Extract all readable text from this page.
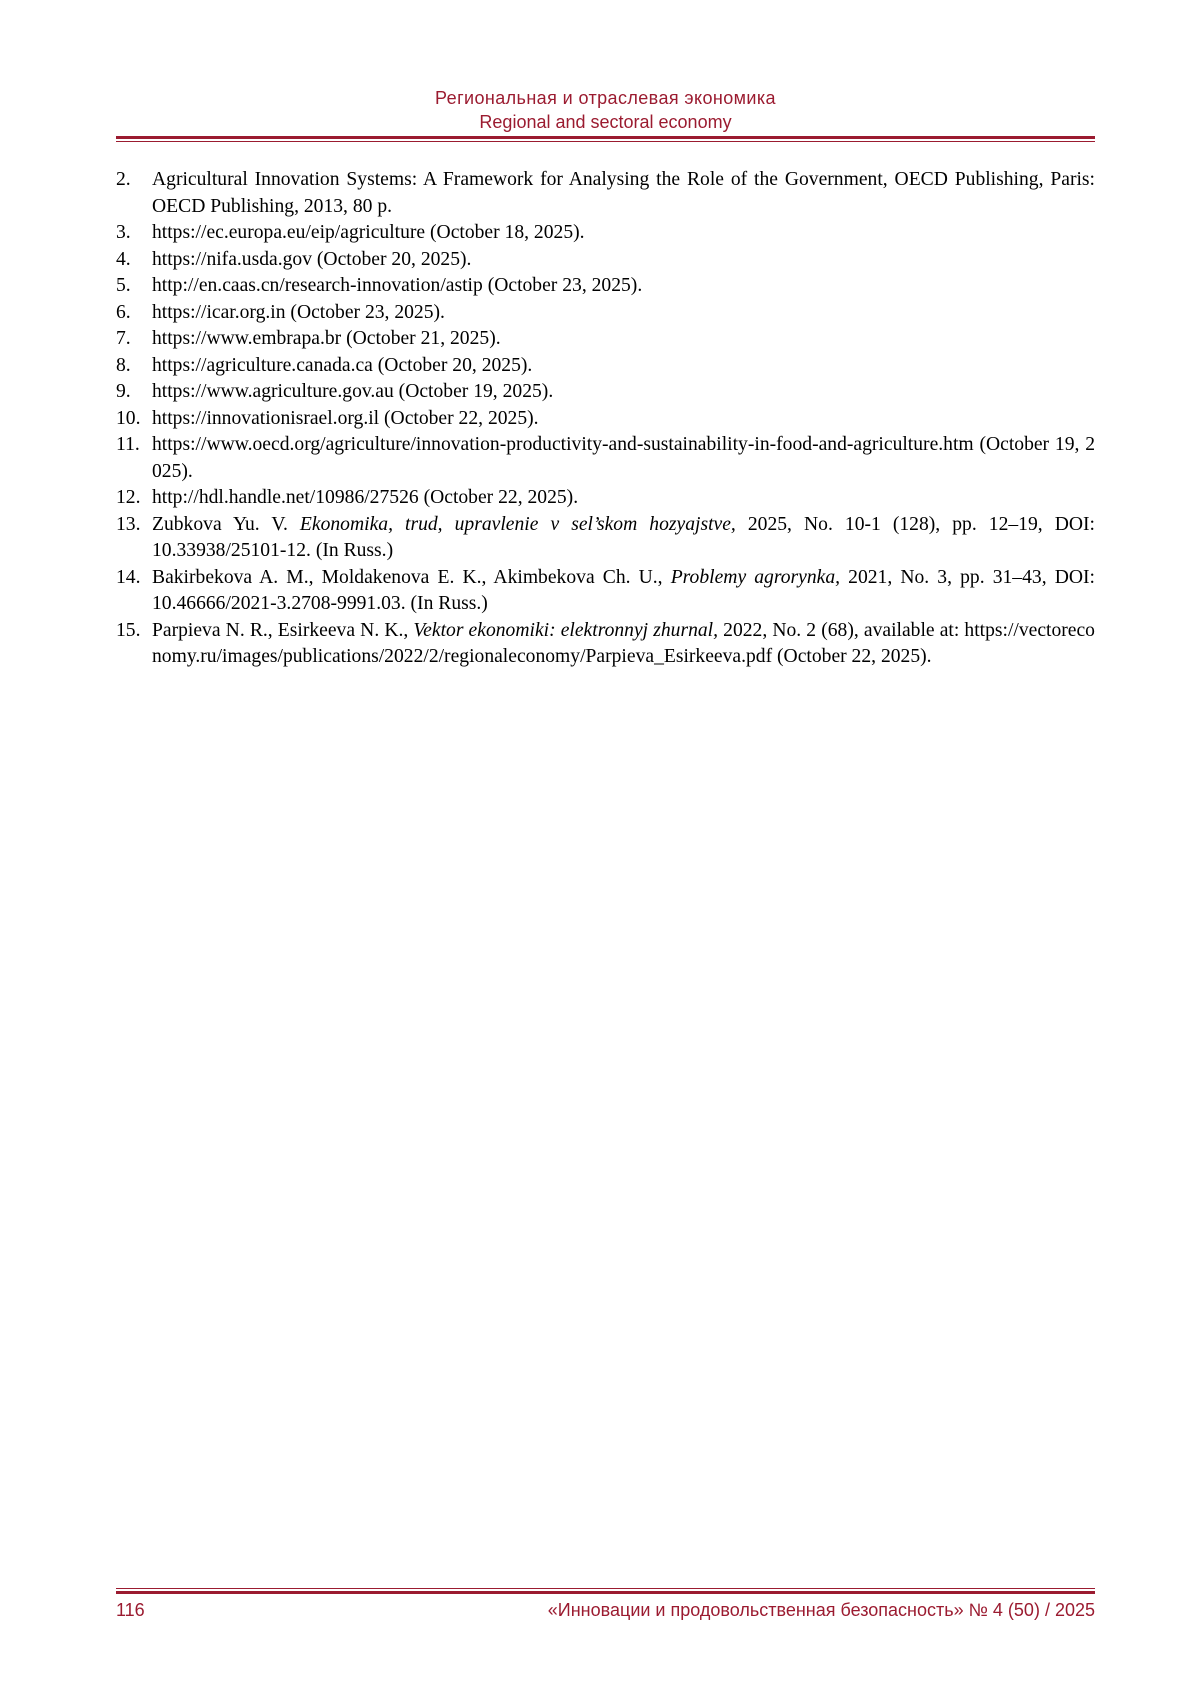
Региональная и отраслевая экономика
Regional and sectoral economy
2.	Agricultural Innovation Systems: A Framework for Analysing the Role of the Government, OECD Publishing, Paris: OECD Publishing, 2013, 80 p.
3.	https://ec.europa.eu/eip/agriculture (October 18, 2025).
4.	https://nifa.usda.gov (October 20, 2025).
5.	http://en.caas.cn/research-innovation/astip (October 23, 2025).
6.	https://icar.org.in (October 23, 2025).
7.	https://www.embrapa.br (October 21, 2025).
8.	https://agriculture.canada.ca (October 20, 2025).
9.	https://www.agriculture.gov.au (October 19, 2025).
10. https://innovationisrael.org.il (October 22, 2025).
11. https://www.oecd.org/agriculture/innovation-productivity-and-sustainability-in-food-and-agriculture.htm (October 19, 2025).
12. http://hdl.handle.net/10986/27526 (October 22, 2025).
13. Zubkova Yu. V. Ekonomika, trud, upravlenie v sel’skom hozyajstve, 2025, No. 10-1 (128), pp. 12–19, DOI: 10.33938/25101-12. (In Russ.)
14. Bakirbekova A. M., Moldakenova E. K., Akimbekova Ch. U., Problemy agrorynka, 2021, No. 3, pp. 31–43, DOI: 10.46666/2021-3.2708-9991.03. (In Russ.)
15. Parpieva N. R., Esirkeeva N. K., Vektor ekonomiki: elektronnyj zhurnal, 2022, No. 2 (68), available at: https://vectoreconomy.ru/images/publications/2022/2/regionaleconomy/Parpieva_Esirkeeva.pdf (October 22, 2025).
116	«Инновации и продовольственная безопасность» № 4 (50) / 2025
